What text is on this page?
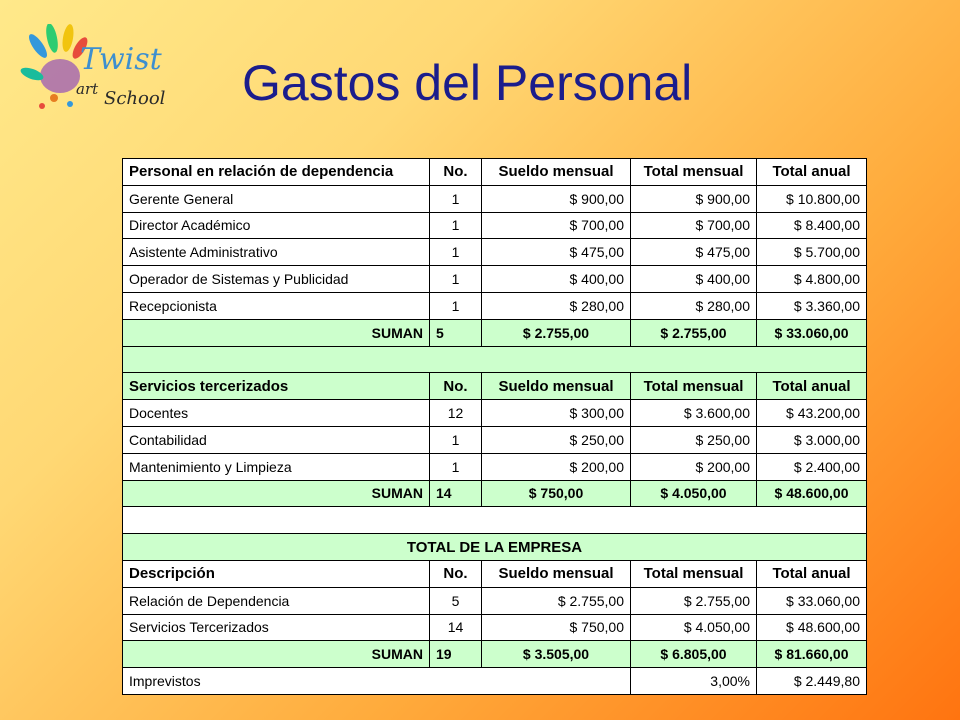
Twist
art School Gastos del Personal
Personal en relación de dependencia	No.	Sueldo mensual	Total mensual	Total anual
Gerente General	1	$ 900,00	$ 900,00	$ 10.800,00
Director Académico	1	$ 700,00	$ 700,00	$ 8.400,00
Asistente Administrativo	1	$ 475,00	$ 475,00	$ 5.700,00
Operador de Sistemas y Publicidad	1	$ 400,00	$ 400,00	$ 4.800,00
Recepcionista	1	$ 280,00	$ 280,00	$ 3.360,00
SUMAN	5	$ 2.755,00	$ 2.755,00	$ 33.060,00

Servicios tercerizados	No.	Sueldo mensual	Total mensual	Total anual
Docentes	12	$ 300,00	$ 3.600,00	$ 43.200,00
Contabilidad	1	$ 250,00	$ 250,00	$ 3.000,00
Mantenimiento y Limpieza	1	$ 200,00	$ 200,00	$ 2.400,00
SUMAN	14	$ 750,00	$ 4.050,00	$ 48.600,00

TOTAL DE LA EMPRESA				
Descripción	No.	Sueldo mensual	Total mensual	Total anual
Relación de Dependencia	5	$ 2.755,00	$ 2.755,00	$ 33.060,00
Servicios Tercerizados	14	$ 750,00	$ 4.050,00	$ 48.600,00
SUMAN	19	$ 3.505,00	$ 6.805,00	$ 81.660,00
Imprevistos			3,00%	$ 2.449,80
